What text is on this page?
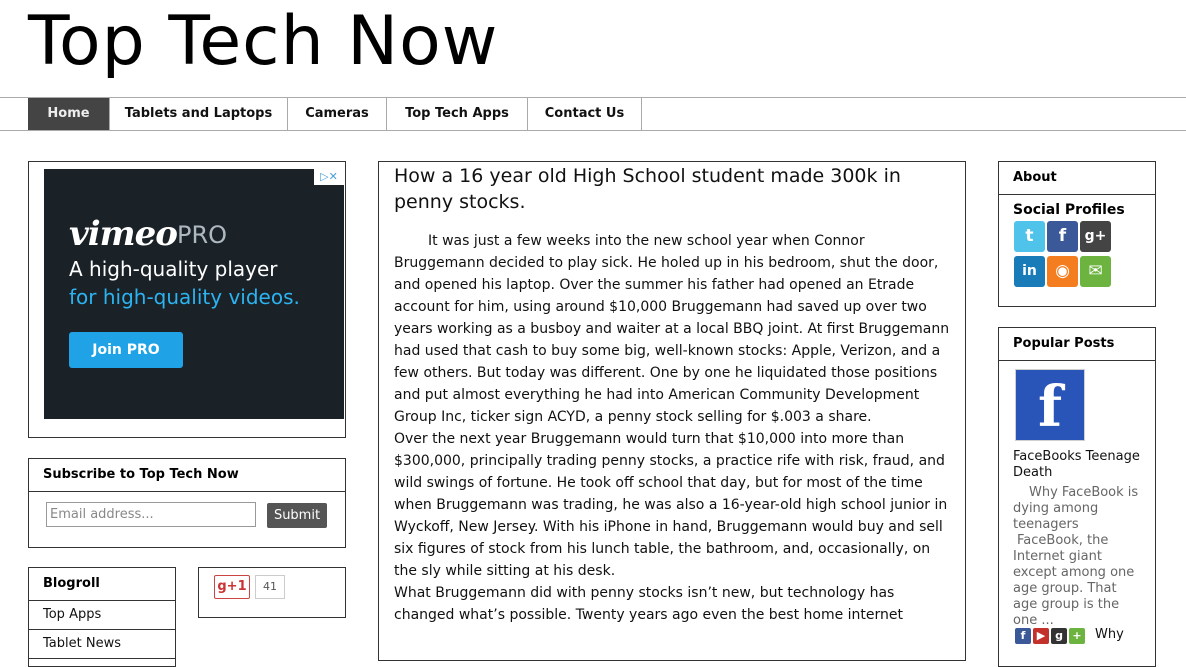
Top Tech Now
Home	Tablets and Laptops	Cameras	Top Tech Apps	Contact Us
▷✕
vimeo PRO
A high-quality player
for high-quality videos.
Join PRO
Subscribe to Top Tech Now
Email address...	Submit
Blogroll
Top Apps
Tablet News
g+1	41
How a 16 year old High School student made 300k in penny stocks.

It was just a few weeks into the new school year when Connor Bruggemann decided to play sick. He holed up in his bedroom, shut the door, and opened his laptop. Over the summer his father had opened an Etrade account for him, using around $10,000 Bruggemann had saved up over two years working as a busboy and waiter at a local BBQ joint. At first Bruggemann had used that cash to buy some big, well-known stocks: Apple, Verizon, and a few others. But today was different. One by one he liquidated those positions and put almost everything he had into American Community Development Group Inc, ticker sign ACYD, a penny stock selling for $.003 a share.

Over the next year Bruggemann would turn that $10,000 into more than $300,000, principally trading penny stocks, a practice rife with risk, fraud, and wild swings of fortune. He took off school that day, but for most of the time when Bruggemann was trading, he was also a 16-year-old high school junior in Wyckoff, New Jersey. With his iPhone in hand, Bruggemann would buy and sell six figures of stock from his lunch table, the bathroom, and, occasionally, on the sly while sitting at his desk.

What Bruggemann did with penny stocks isn’t new, but technology has changed what’s possible. Twenty years ago even the best home internet

About
Social Profiles
t	f	g+
in	◉	✉
Popular Posts
f
FaceBooks Teenage Death

Why FaceBook is dying among teenagers

FaceBook, the Internet giant except among one age group. That age group is the one ...

f	▶ g + Why
